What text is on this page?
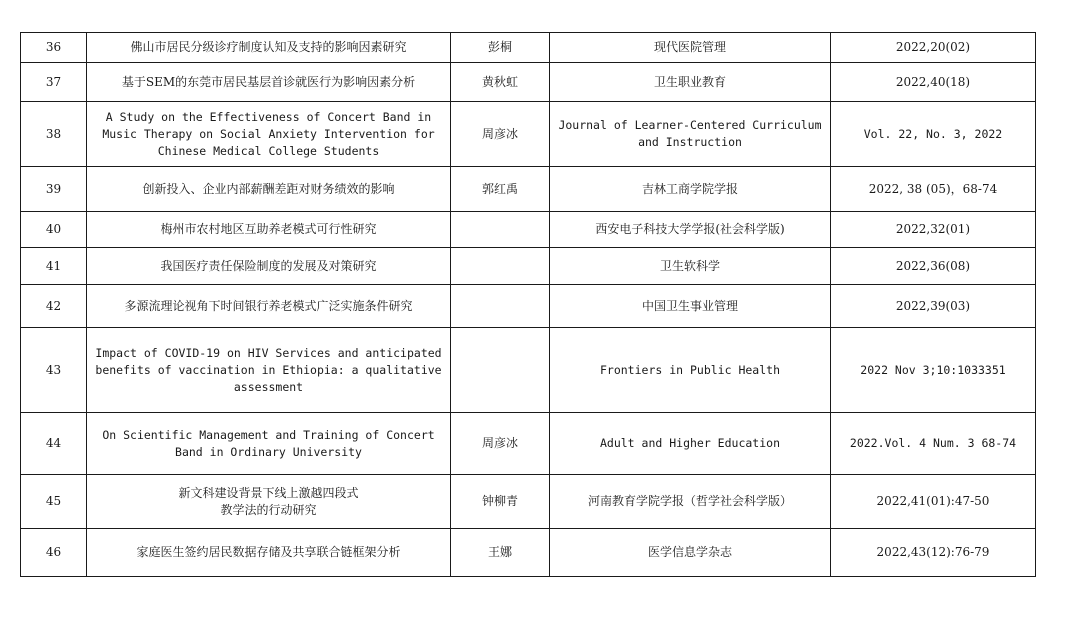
36	佛山市居民分级诊疗制度认知及支持的影响因素研究	彭桐	现代医院管理	2022,20(02)
37	基于SEM的东莞市居民基层首诊就医行为影响因素分析	黄秋虹	卫生职业教育	2022,40(18)
38	A Study on the Effectiveness of Concert Band in Music Therapy on Social Anxiety Intervention for Chinese Medical College Students	周彦冰	Journal of Learner-Centered Curriculum and Instruction	Vol. 22, No. 3, 2022
39	创新投入、企业内部薪酬差距对财务绩效的影响	郭红禹	吉林工商学院学报	2022, 38 (05)，68-74
40	梅州市农村地区互助养老模式可行性研究		西安电子科技大学学报(社会科学版)	2022,32(01)
41	我国医疗责任保险制度的发展及对策研究		卫生软科学	2022,36(08)
42	多源流理论视角下时间银行养老模式广泛实施条件研究		中国卫生事业管理	2022,39(03)
43	Impact of COVID-19 on HIV Services and anticipated benefits of vaccination in Ethiopia: a qualitative assessment		Frontiers in Public Health	2022 Nov 3;10:1033351
44	On Scientific Management and Training of Concert Band in Ordinary University	周彦冰	Adult and Higher Education	2022.Vol. 4 Num. 3 68-74
45	新文科建设背景下线上激越四段式
教学法的行动研究	钟柳青	河南教育学院学报（哲学社会科学版）	2022,41(01):47-50
46	家庭医生签约居民数据存储及共享联合链框架分析	王娜	医学信息学杂志	2022,43(12):76-79
